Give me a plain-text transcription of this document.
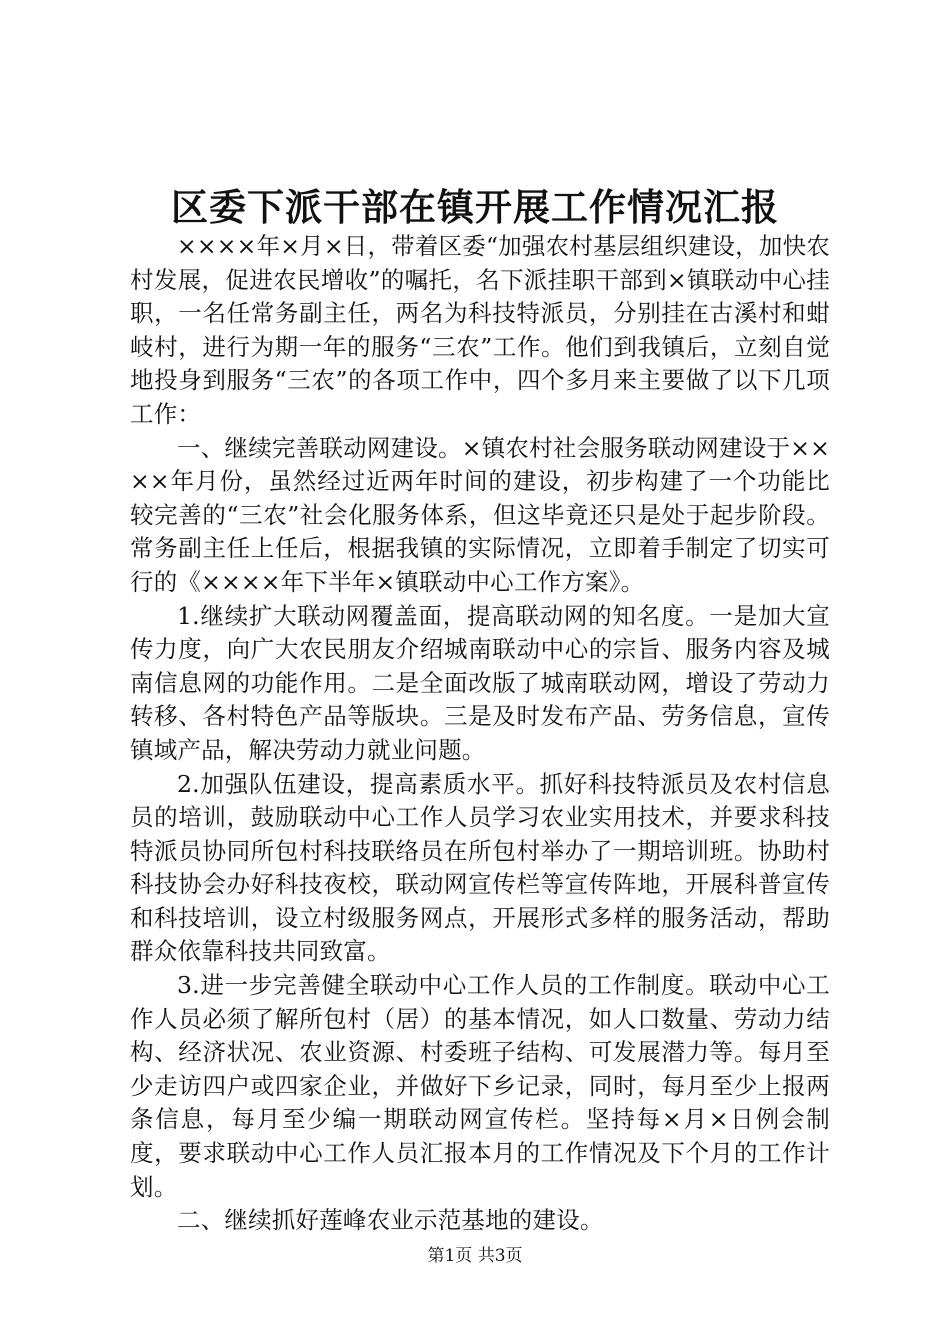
区委下派干部在镇开展工作情况汇报

××××年×月×日，带着区委“加强农村基层组织建设，加快农村发展，促进农民增收”的嘱托，名下派挂职干部到×镇联动中心挂职，一名任常务副主任，两名为科技特派员，分别挂在古溪村和蚶岐村，进行为期一年的服务“三农”工作。他们到我镇后，立刻自觉地投身到服务“三农”的各项工作中，四个多月来主要做了以下几项工作：

一、继续完善联动网建设。×镇农村社会服务联动网建设于××××年月份，虽然经过近两年时间的建设，初步构建了一个功能比较完善的“三农”社会化服务体系，但这毕竟还只是处于起步阶段。常务副主任上任后，根据我镇的实际情况，立即着手制定了切实可行的《××××年下半年×镇联动中心工作方案》。

1.继续扩大联动网覆盖面，提高联动网的知名度。一是加大宣传力度，向广大农民朋友介绍城南联动中心的宗旨、服务内容及城南信息网的功能作用。二是全面改版了城南联动网，增设了劳动力转移、各村特色产品等版块。三是及时发布产品、劳务信息，宣传镇域产品，解决劳动力就业问题。

2.加强队伍建设，提高素质水平。抓好科技特派员及农村信息员的培训，鼓励联动中心工作人员学习农业实用技术，并要求科技特派员协同所包村科技联络员在所包村举办了一期培训班。协助村科技协会办好科技夜校，联动网宣传栏等宣传阵地，开展科普宣传和科技培训，设立村级服务网点，开展形式多样的服务活动，帮助群众依靠科技共同致富。

3.进一步完善健全联动中心工作人员的工作制度。联动中心工作人员必须了解所包村（居）的基本情况，如人口数量、劳动力结构、经济状况、农业资源、村委班子结构、可发展潜力等。每月至少走访四户或四家企业，并做好下乡记录，同时，每月至少上报两条信息，每月至少编一期联动网宣传栏。坚持每×月×日例会制度，要求联动中心工作人员汇报本月的工作情况及下个月的工作计划。

二、继续抓好莲峰农业示范基地的建设。

第1页 共3页
